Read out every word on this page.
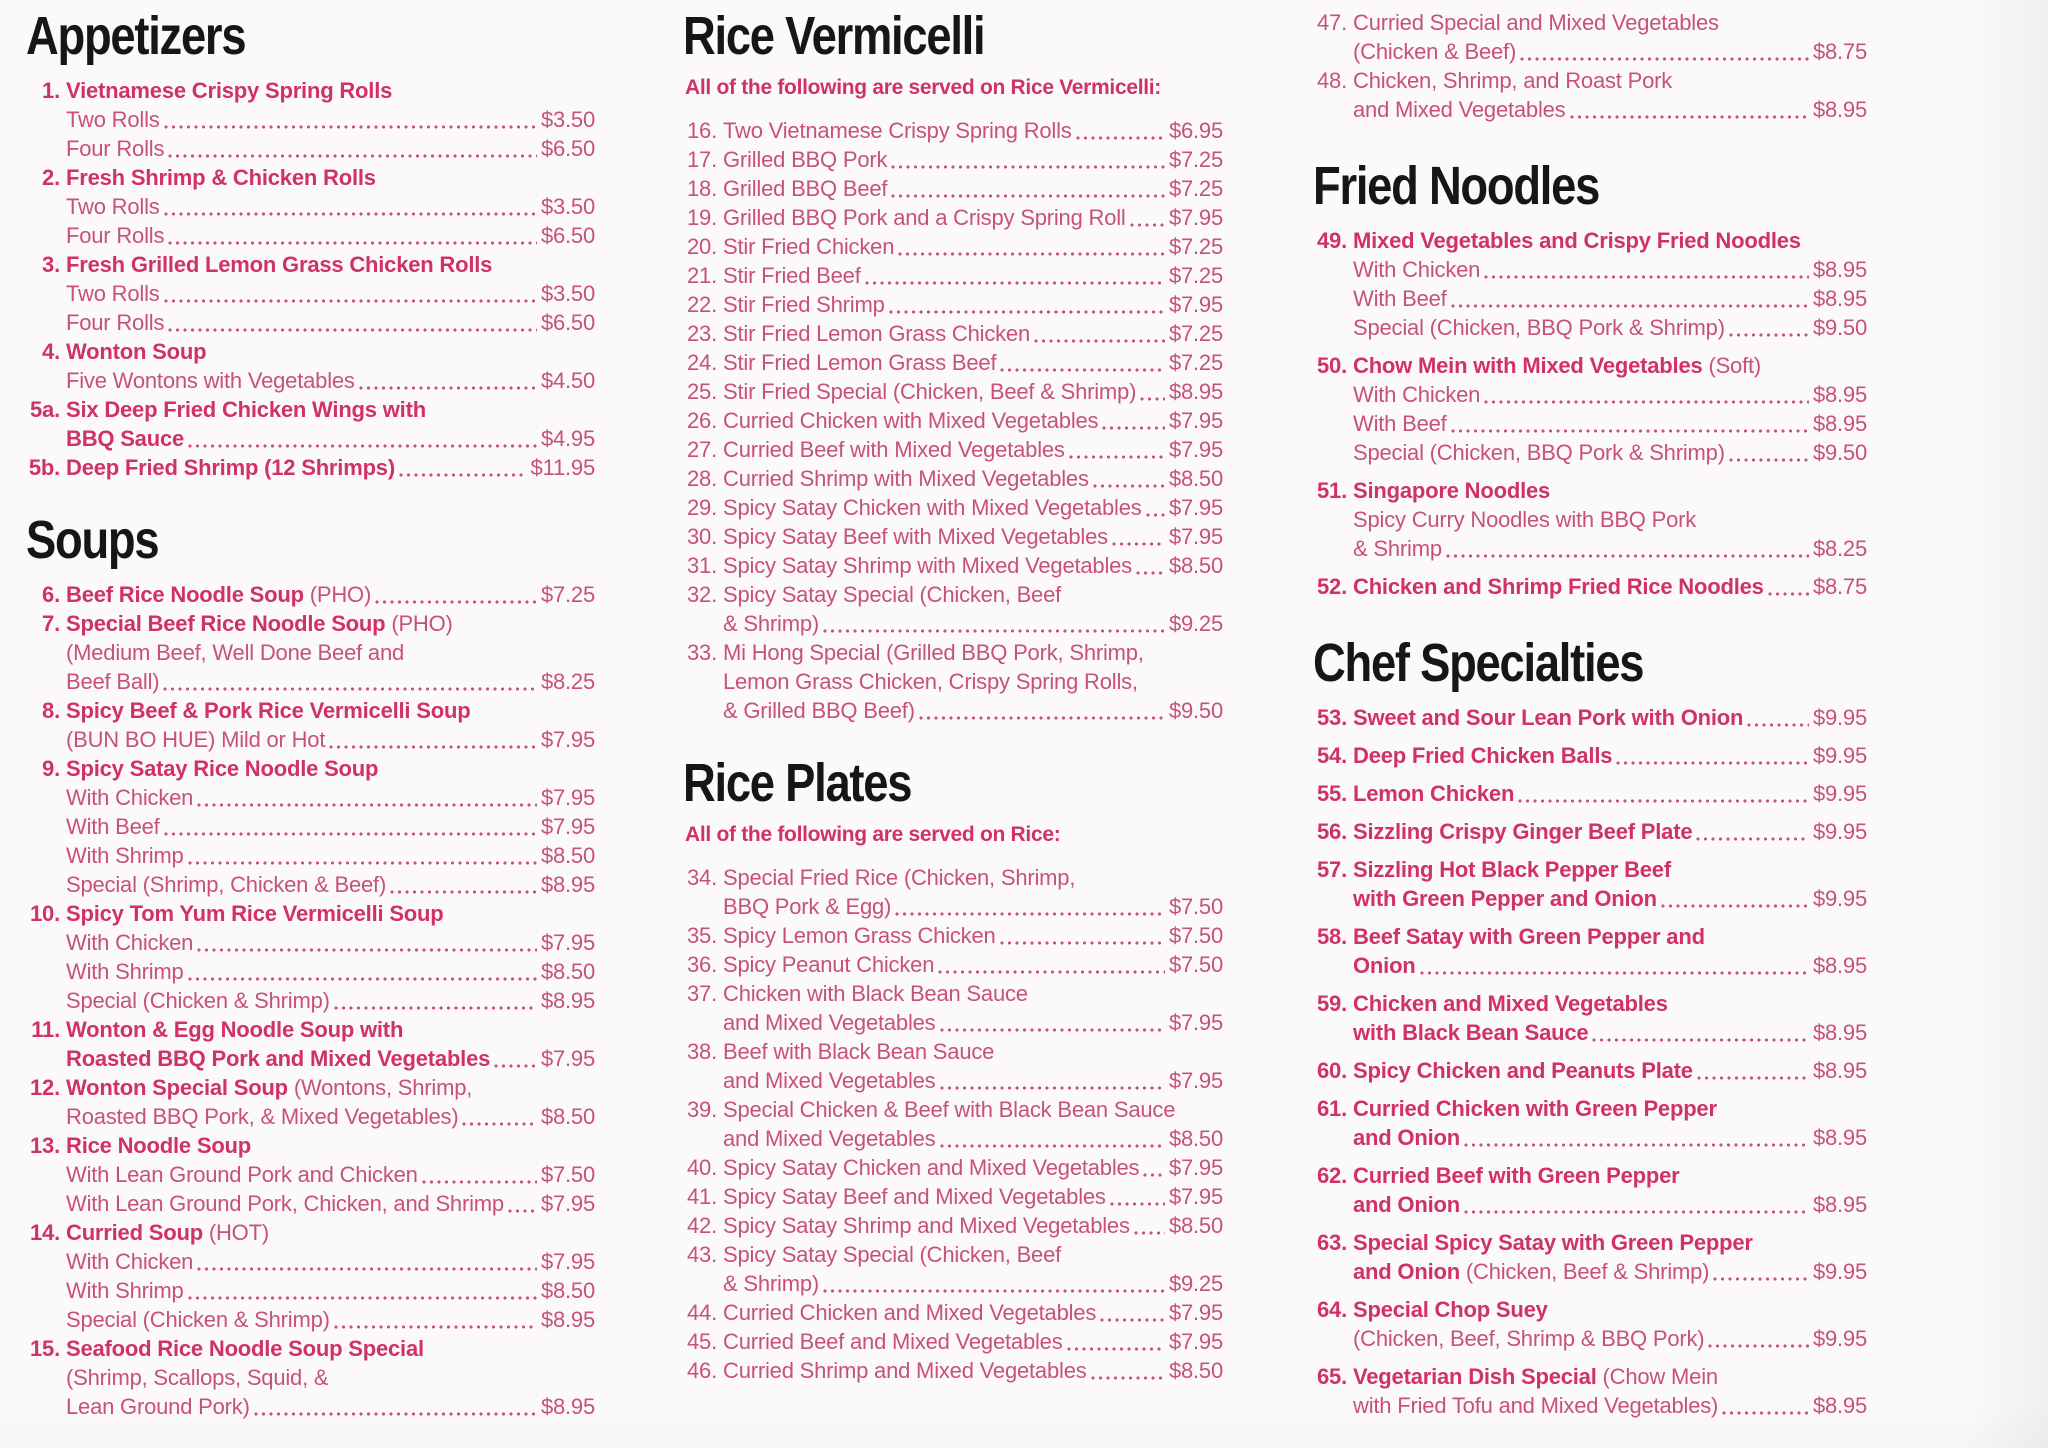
Appetizers
1. Vietnamese Crispy Spring Rolls
Two Rolls	$3.50
Four Rolls	$6.50
2. Fresh Shrimp & Chicken Rolls
Two Rolls	$3.50
Four Rolls	$6.50
3. Fresh Grilled Lemon Grass Chicken Rolls
Two Rolls	$3.50
Four Rolls	$6.50
4. Wonton Soup
Five Wontons with Vegetables	$4.50
5a. Six Deep Fried Chicken Wings with
BBQ Sauce	$4.95
5b. Deep Fried Shrimp (12 Shrimps)	$11.95
Soups
6. Beef Rice Noodle Soup (PHO)	$7.25
7. Special Beef Rice Noodle Soup (PHO)
(Medium Beef, Well Done Beef and
Beef Ball)	$8.25
8. Spicy Beef & Pork Rice Vermicelli Soup
(BUN BO HUE) Mild or Hot	$7.95
9. Spicy Satay Rice Noodle Soup
With Chicken	$7.95
With Beef	$7.95
With Shrimp	$8.50
Special (Shrimp, Chicken & Beef)	$8.95
10. Spicy Tom Yum Rice Vermicelli Soup
With Chicken	$7.95
With Shrimp	$8.50
Special (Chicken & Shrimp)	$8.95
11. Wonton & Egg Noodle Soup with
Roasted BBQ Pork and Mixed Vegetables $7.95
12. Wonton Special Soup (Wontons, Shrimp,
Roasted BBQ Pork, & Mixed Vegetables)	$8.50
13. Rice Noodle Soup
With Lean Ground Pork and Chicken	$7.50
With Lean Ground Pork, Chicken, and Shrimp $7.95
14. Curried Soup (HOT)
With Chicken	$7.95
With Shrimp	$8.50
Special (Chicken & Shrimp)	$8.95
15. Seafood Rice Noodle Soup Special
(Shrimp, Scallops, Squid, &
Lean Ground Pork)	$8.95
Rice Vermicelli

All of the following are served on Rice Vermicelli:

16. Two Vietnamese Crispy Spring Rolls	$6.95
17. Grilled BBQ Pork	$7.25
18. Grilled BBQ Beef	$7.25
19. Grilled BBQ Pork and a Crispy Spring Roll $7.95
20. Stir Fried Chicken	$7.25
21. Stir Fried Beef	$7.25
22. Stir Fried Shrimp	$7.95
23. Stir Fried Lemon Grass Chicken	$7.25
24. Stir Fried Lemon Grass Beef	$7.25
25. Stir Fried Special (Chicken, Beef & Shrimp) $8.95
26. Curried Chicken with Mixed Vegetables	$7.95
27. Curried Beef with Mixed Vegetables	$7.95
28. Curried Shrimp with Mixed Vegetables	$8.50
29. Spicy Satay Chicken with Mixed Vegetables $7.95
30. Spicy Satay Beef with Mixed Vegetables	$7.95
31. Spicy Satay Shrimp with Mixed Vegetables $8.50
32. Spicy Satay Special (Chicken, Beef
& Shrimp)	$9.25
33. Mi Hong Special (Grilled BBQ Pork, Shrimp,
Lemon Grass Chicken, Crispy Spring Rolls,
& Grilled BBQ Beef)	$9.50
Rice Plates

All of the following are served on Rice:

34. Special Fried Rice (Chicken, Shrimp,
BBQ Pork & Egg)	$7.50
35. Spicy Lemon Grass Chicken	$7.50
36. Spicy Peanut Chicken	$7.50
37. Chicken with Black Bean Sauce
and Mixed Vegetables	$7.95
38. Beef with Black Bean Sauce
and Mixed Vegetables	$7.95
39. Special Chicken & Beef with Black Bean Sauce
and Mixed Vegetables	$8.50
40. Spicy Satay Chicken and Mixed Vegetables $7.95
41. Spicy Satay Beef and Mixed Vegetables	$7.95
42. Spicy Satay Shrimp and Mixed Vegetables $8.50
43. Spicy Satay Special (Chicken, Beef
& Shrimp)	$9.25
44. Curried Chicken and Mixed Vegetables	$7.95
45. Curried Beef and Mixed Vegetables	$7.95
46. Curried Shrimp and Mixed Vegetables	$8.50
47. Curried Special and Mixed Vegetables
(Chicken & Beef)	$8.75
48. Chicken, Shrimp, and Roast Pork
and Mixed Vegetables	$8.95
Fried Noodles
49. Mixed Vegetables and Crispy Fried Noodles
With Chicken	$8.95
With Beef	$8.95
Special (Chicken, BBQ Pork & Shrimp)	$9.50
50. Chow Mein with Mixed Vegetables (Soft)
With Chicken	$8.95
With Beef	$8.95
Special (Chicken, BBQ Pork & Shrimp)	$9.50
51. Singapore Noodles
Spicy Curry Noodles with BBQ Pork
& Shrimp	$8.25
52. Chicken and Shrimp Fried Rice Noodles $8.75
Chef Specialties
53. Sweet and Sour Lean Pork with Onion	$9.95
54. Deep Fried Chicken Balls	$9.95
55. Lemon Chicken	$9.95
56. Sizzling Crispy Ginger Beef Plate	$9.95
57. Sizzling Hot Black Pepper Beef
with Green Pepper and Onion	$9.95
58. Beef Satay with Green Pepper and
Onion	$8.95
59. Chicken and Mixed Vegetables
with Black Bean Sauce	$8.95
60. Spicy Chicken and Peanuts Plate	$8.95
61. Curried Chicken with Green Pepper
and Onion	$8.95
62. Curried Beef with Green Pepper
and Onion	$8.95
63. Special Spicy Satay with Green Pepper
and Onion (Chicken, Beef & Shrimp)	$9.95
64. Special Chop Suey
(Chicken, Beef, Shrimp & BBQ Pork)	$9.95
65. Vegetarian Dish Special (Chow Mein
with Fried Tofu and Mixed Vegetables)	$8.95
